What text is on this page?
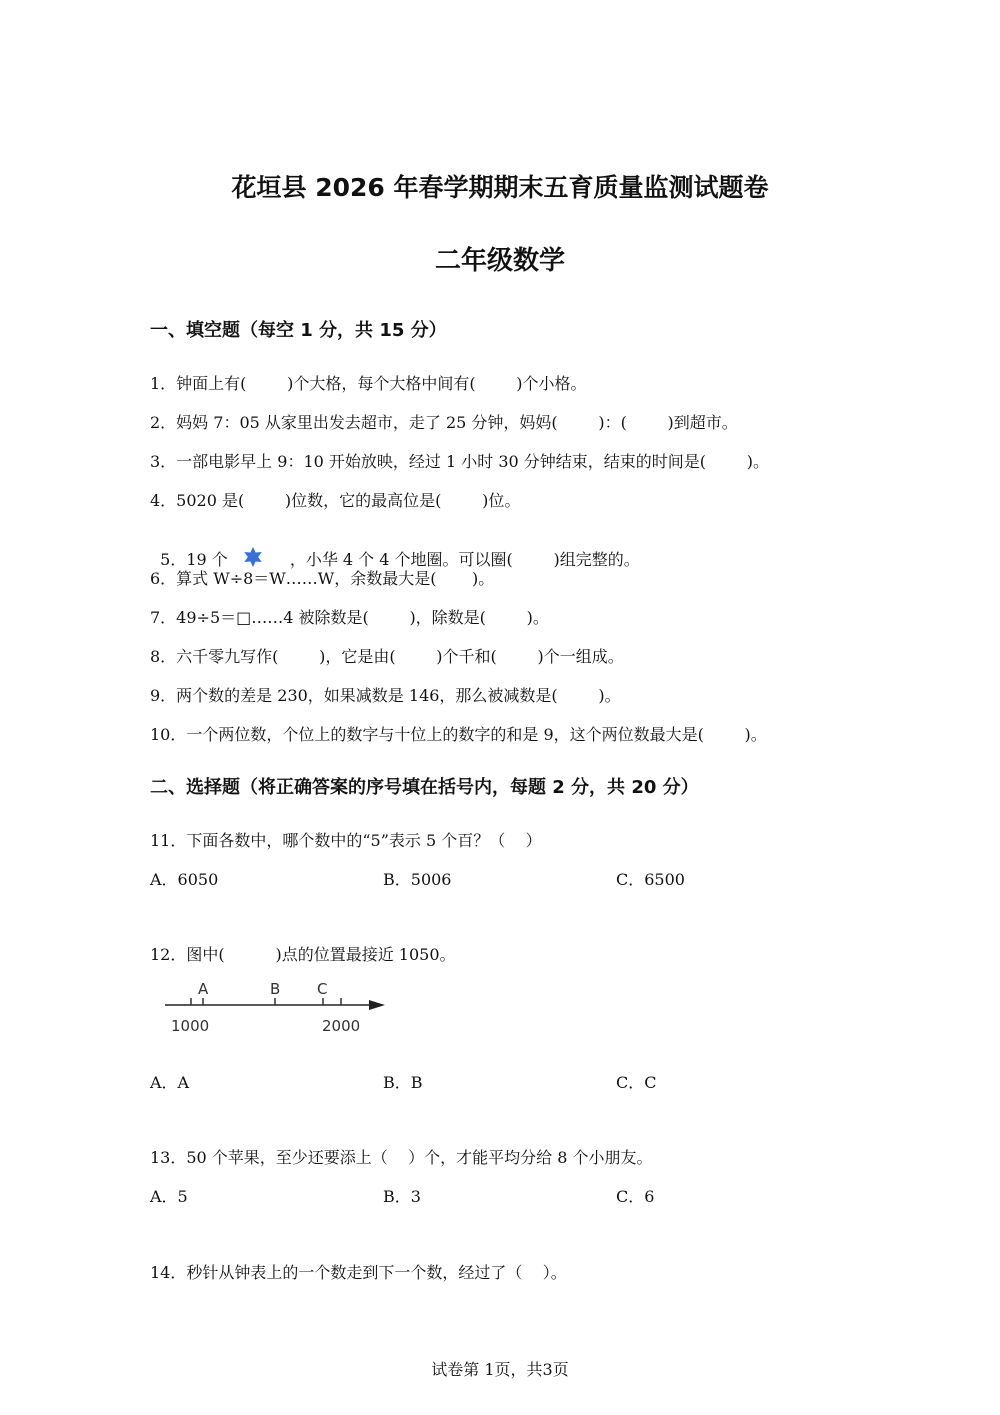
花垣县 2026 年春学期期末五育质量监测试题卷
二年级数学
一、填空题（每空 1 分，共 15 分）
1．钟面上有(        )个大格，每个大格中间有(        )个小格。
2．妈妈 7：05 从家里出发去超市，走了 25 分钟，妈妈(        )：(        )到超市。
3．一部电影早上 9：10 开始放映，经过 1 小时 30 分钟结束，结束的时间是(        )。
4．5020 是(        )位数，它的最高位是(        )位。

5．19 个	，小华 4 个 4 个地圈。可以圈(        )组完整的。

6．算式 W÷8＝W……W，余数最大是(       )。
7．49÷5＝□……4 被除数是(        )，除数是(        )。
8．六千零九写作(        )，它是由(        )个千和(        )个一组成。
9．两个数的差是 230，如果减数是 146，那么被减数是(        )。
10．一个两位数，个位上的数字与十位上的数字的和是 9，这个两位数最大是(        )。
二、选择题（将正确答案的序号填在括号内，每题 2 分，共 20 分）
11．下面各数中，哪个数中的“5”表示 5 个百？（    ）
A．6050	B．5006	C．6500
12．图中(          )点的位置最接近 1050。
A	B C
1000	2000
A．A	B．B	C．C
13．50 个苹果，至少还要添上（    ）个，才能平均分给 8 个小朋友。
A．5	B．3	C．6
14．秒针从钟表上的一个数走到下一个数，经过了（    ）。
试卷第 1页，共3页
